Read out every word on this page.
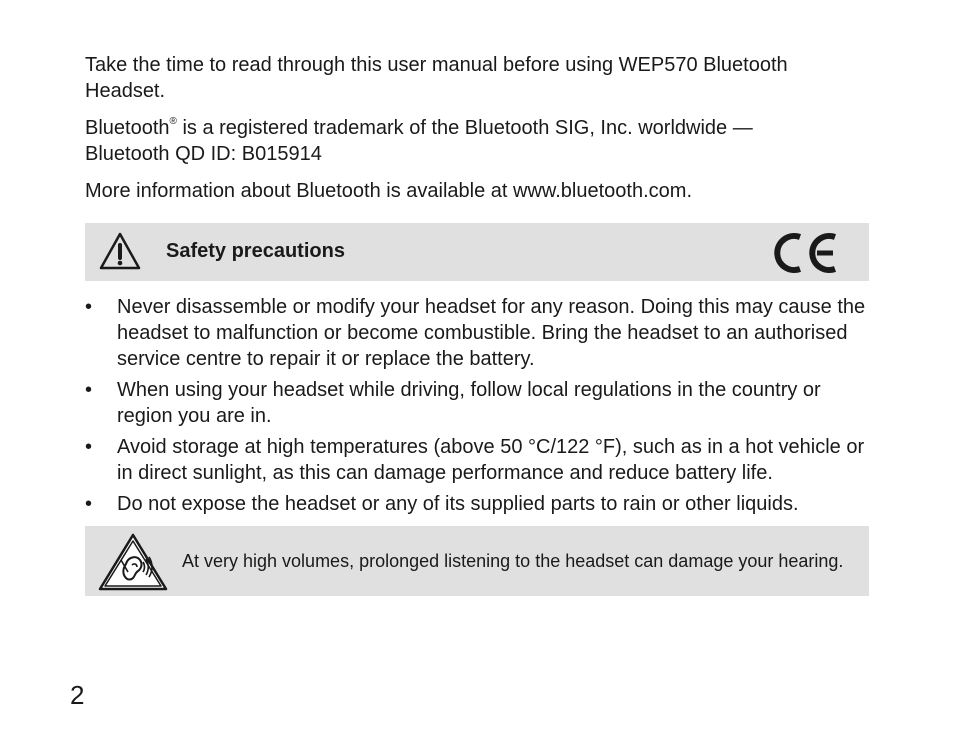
Take the time to read through this user manual before using WEP570 Bluetooth Headset.

Bluetooth® is a registered trademark of the Bluetooth SIG, Inc. worldwide —
Bluetooth QD ID: B015914

More information about Bluetooth is available at www.bluetooth.com.

Safety precautions
• Never disassemble or modify your headset for any reason. Doing this may cause the headset to malfunction or become combustible. Bring the headset to an authorised service centre to repair it or replace the battery.
• When using your headset while driving, follow local regulations in the country or region you are in.
• Avoid storage at high temperatures (above 50 °C/122 °F), such as in a hot vehicle or in direct sunlight, as this can damage performance and reduce battery life.
• Do not expose the headset or any of its supplied parts to rain or other liquids.
At very high volumes, prolonged listening to the headset can damage your hearing.
2
